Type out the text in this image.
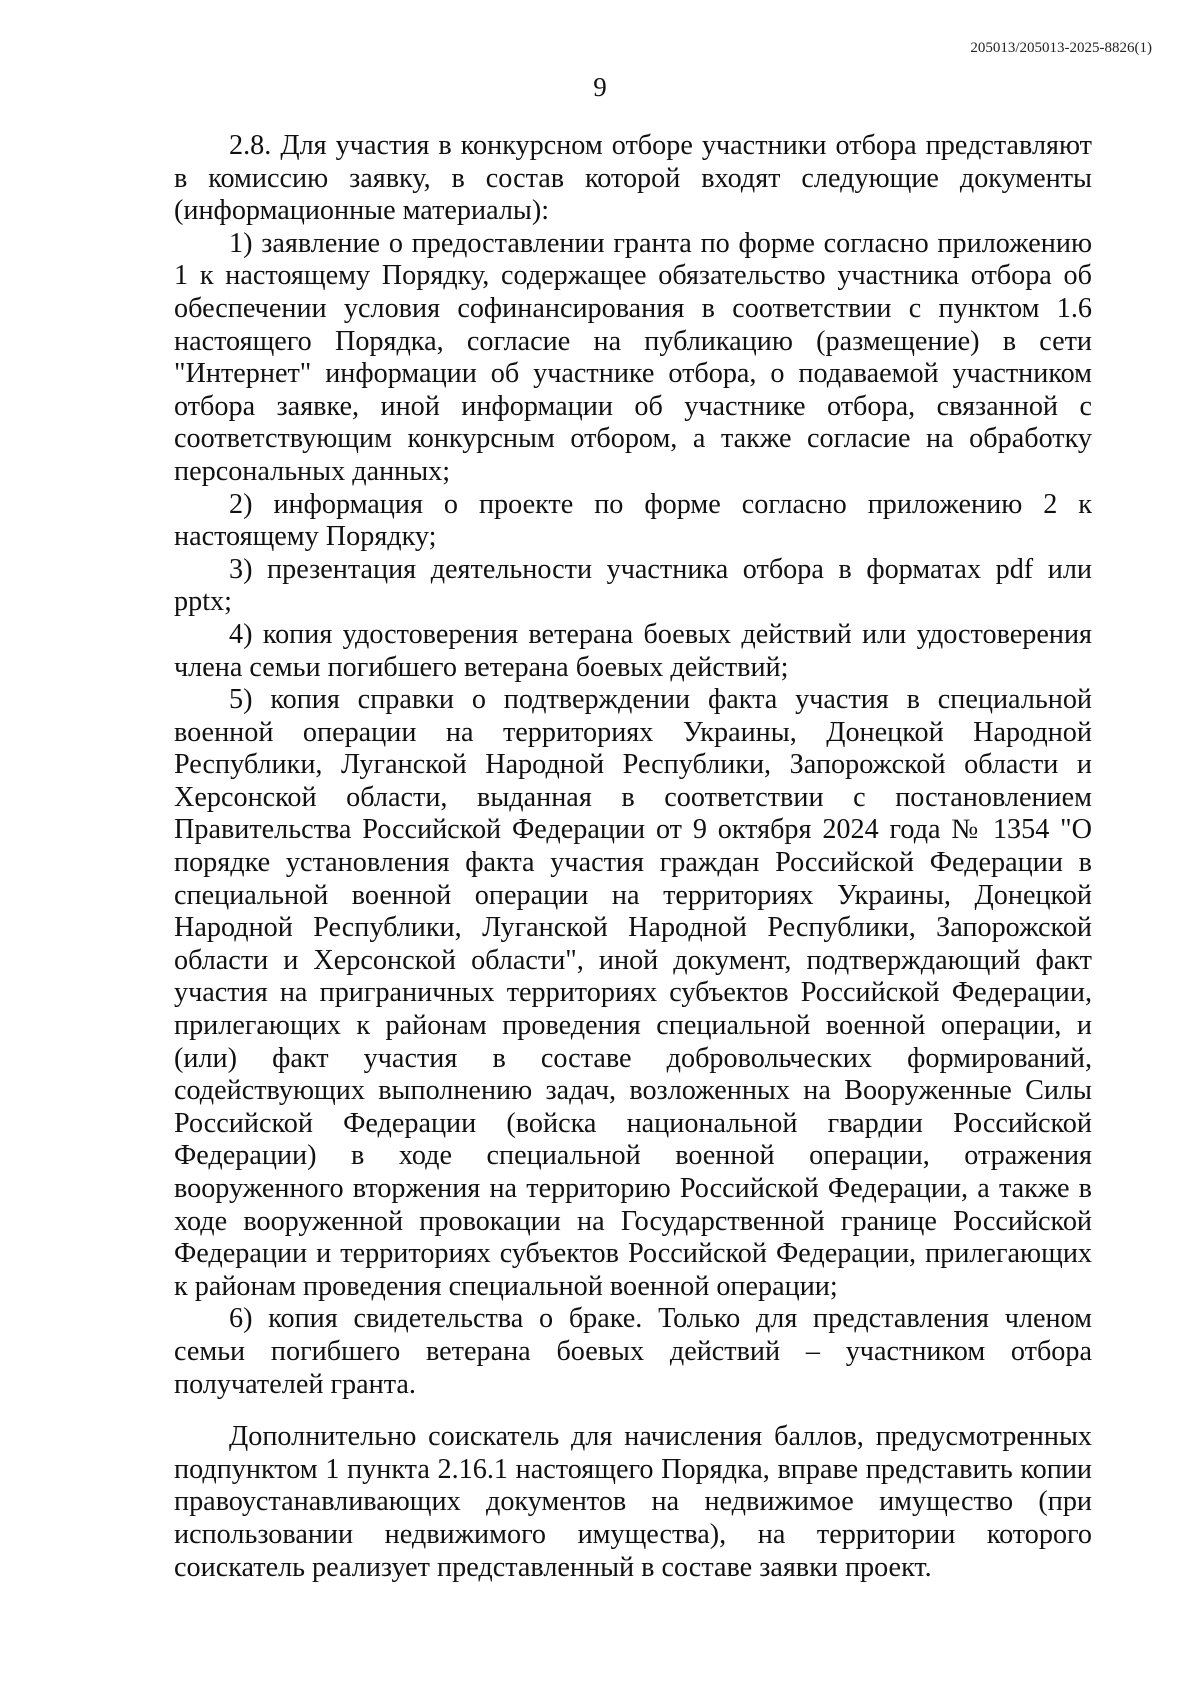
205013/205013-2025-8826(1)
9

2.8. Для участия в конкурсном отборе участники отбора представляют в комиссию заявку, в состав которой входят следующие документы (информационные материалы):

1) заявление о предоставлении гранта по форме согласно приложению 1 к настоящему Порядку, содержащее обязательство участника отбора об обеспечении условия софинансирования в соответствии с пунктом 1.6 настоящего Порядка, согласие на публикацию (размещение) в сети "Интернет" информации об участнике отбора, о подаваемой участником отбора заявке, иной информации об участнике отбора, связанной с соответствующим конкурсным отбором, а также согласие на обработку персональных данных;

2) информация о проекте по форме согласно приложению 2 к настоящему Порядку;

3) презентация деятельности участника отбора в форматах pdf или pptx;

4) копия удостоверения ветерана боевых действий или удостоверения члена семьи погибшего ветерана боевых действий;

5) копия справки о подтверждении факта участия в специальной военной операции на территориях Украины, Донецкой Народной Республики, Луганской Народной Республики, Запорожской области и Херсонской области, выданная в соответствии с постановлением Правительства Российской Федерации от 9 октября 2024 года № 1354 "О порядке установления факта участия граждан Российской Федерации в специальной военной операции на территориях Украины, Донецкой Народной Республики, Луганской Народной Республики, Запорожской области и Херсонской области", иной документ, подтверждающий факт участия на приграничных территориях субъектов Российской Федерации, прилегающих к районам проведения специальной военной операции, и (или) факт участия в составе добровольческих формирований, содействующих выполнению задач, возложенных на Вооруженные Силы Российской Федерации (войска национальной гвардии Российской Федерации) в ходе специальной военной операции, отражения вооруженного вторжения на территорию Российской Федерации, а также в ходе вооруженной провокации на Государственной границе Российской Федерации и территориях субъектов Российской Федерации, прилегающих к районам проведения специальной военной операции;

6) копия свидетельства о браке. Только для представления членом семьи погибшего ветерана боевых действий – участником отбора получателей гранта.

Дополнительно соискатель для начисления баллов, предусмотренных подпунктом 1 пункта 2.16.1 настоящего Порядка, вправе представить копии правоустанавливающих документов на недвижимое имущество (при использовании недвижимого имущества), на территории которого соискатель реализует представленный в составе заявки проект.
